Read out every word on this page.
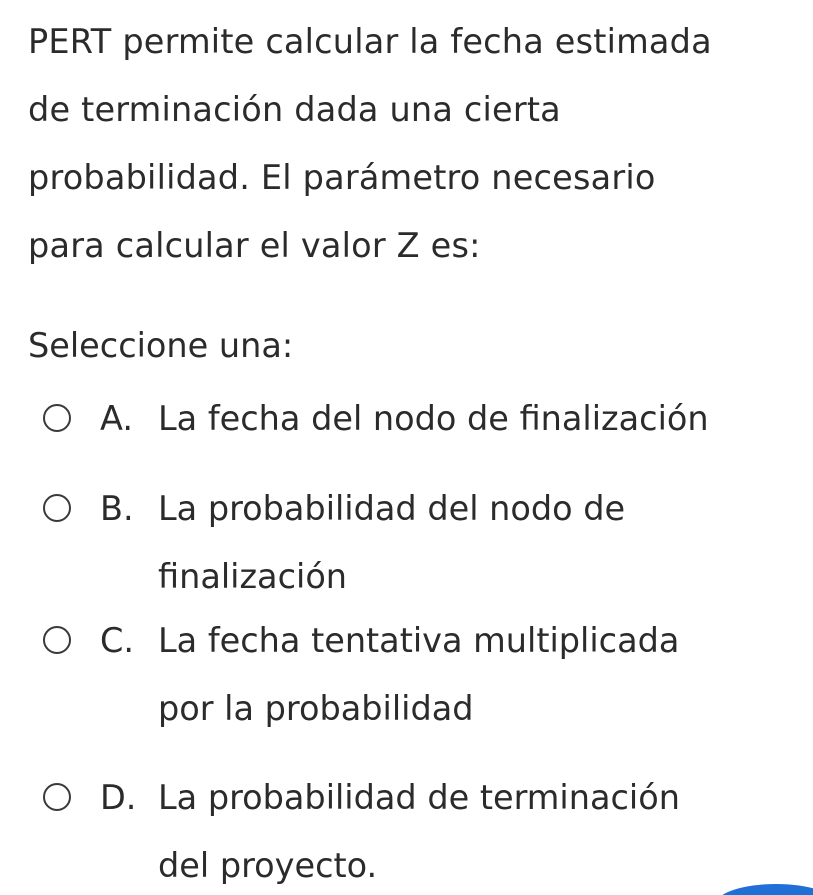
PERT permite calcular la fecha estimada
de terminación dada una cierta
probabilidad. El parámetro necesario
para calcular el valor Z es:
Seleccione una:
A. La fecha del nodo de finalización
B. La probabilidad del nodo de
finalización
C. La fecha tentativa multiplicada
por la probabilidad
D. La probabilidad de terminación
del proyecto.
